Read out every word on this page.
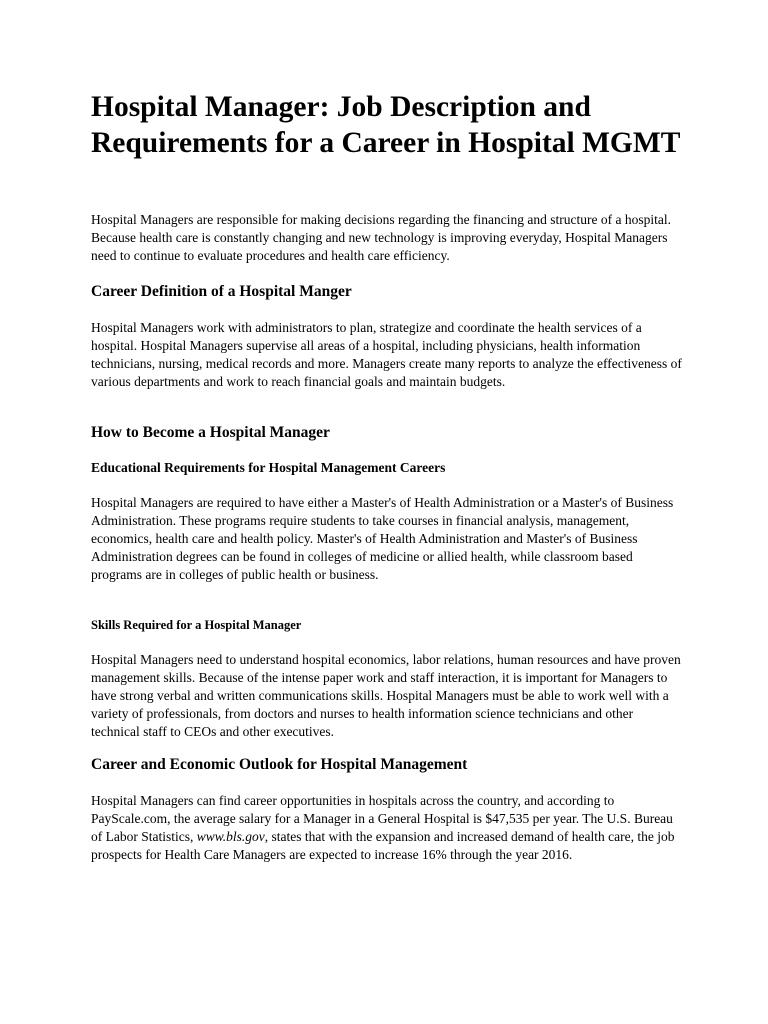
Hospital Manager: Job Description and Requirements for a Career in Hospital MGMT

Hospital Managers are responsible for making decisions regarding the financing and structure of a hospital. Because health care is constantly changing and new technology is improving everyday, Hospital Managers need to continue to evaluate procedures and health care efficiency.

Career Definition of a Hospital Manger

Hospital Managers work with administrators to plan, strategize and coordinate the health services of a hospital. Hospital Managers supervise all areas of a hospital, including physicians, health information technicians, nursing, medical records and more. Managers create many reports to analyze the effectiveness of various departments and work to reach financial goals and maintain budgets.

How to Become a Hospital Manager
Educational Requirements for Hospital Management Careers

Hospital Managers are required to have either a Master's of Health Administration or a Master's of Business Administration. These programs require students to take courses in financial analysis, management, economics, health care and health policy. Master's of Health Administration and Master's of Business Administration degrees can be found in colleges of medicine or allied health, while classroom based programs are in colleges of public health or business.

Skills Required for a Hospital Manager

Hospital Managers need to understand hospital economics, labor relations, human resources and have proven management skills. Because of the intense paper work and staff interaction, it is important for Managers to have strong verbal and written communications skills. Hospital Managers must be able to work well with a variety of professionals, from doctors and nurses to health information science technicians and other technical staff to CEOs and other executives.

Career and Economic Outlook for Hospital Management

Hospital Managers can find career opportunities in hospitals across the country, and according to PayScale.com, the average salary for a Manager in a General Hospital is $47,535 per year. The U.S. Bureau of Labor Statistics, www.bls.gov, states that with the expansion and increased demand of health care, the job prospects for Health Care Managers are expected to increase 16% through the year 2016.
